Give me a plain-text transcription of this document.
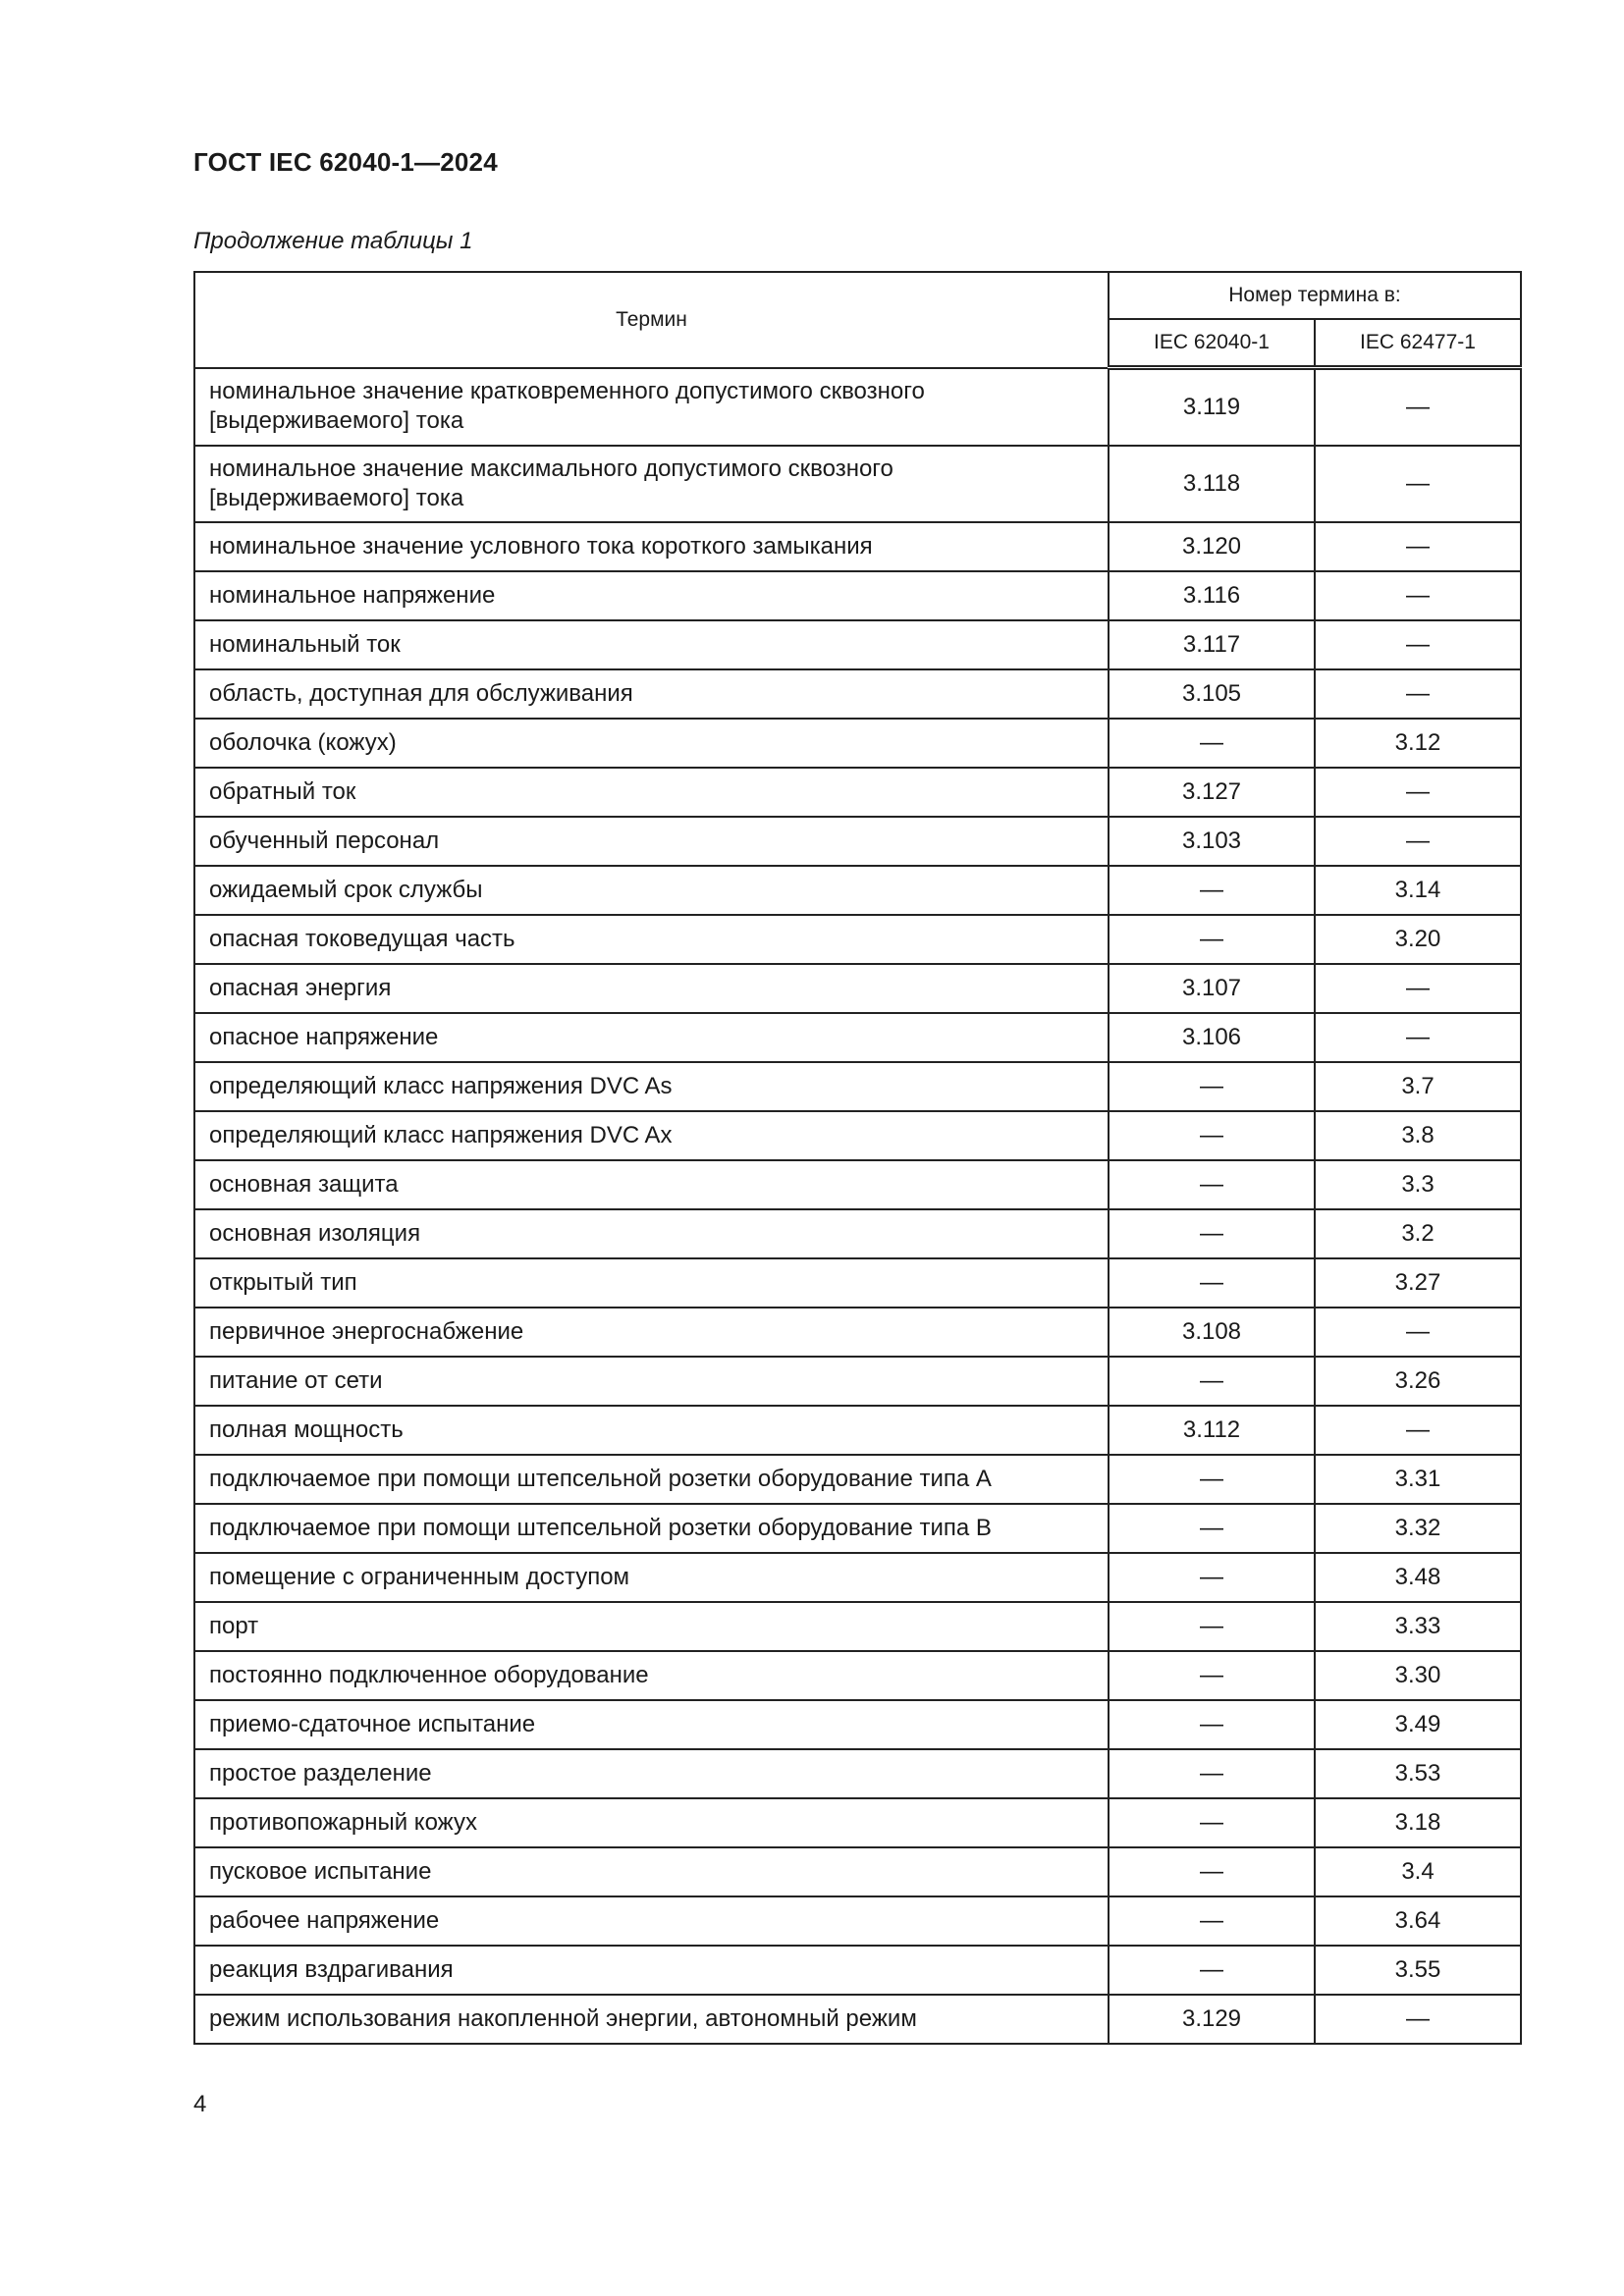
ГОСТ IEC 62040-1—2024
Продолжение таблицы 1
Термин	Номер термина в:	
	IEC 62040-1	IEC 62477-1
номинальное значение кратковременного допустимого сквозного [выдерживаемого] тока	3.119	—
номинальное значение максимального допустимого сквозного [выдерживаемого] тока	3.118	—
номинальное значение условного тока короткого замыкания	3.120	—
номинальное напряжение	3.116	—
номинальный ток	3.117	—
область, доступная для обслуживания	3.105	—
оболочка (кожух)	—	3.12
обратный ток	3.127	—
обученный персонал	3.103	—
ожидаемый срок службы	—	3.14
опасная токоведущая часть	—	3.20
опасная энергия	3.107	—
опасное напряжение	3.106	—
определяющий класс напряжения DVC As	—	3.7
определяющий класс напряжения DVC Ax	—	3.8
основная защита	—	3.3
основная изоляция	—	3.2
открытый тип	—	3.27
первичное энергоснабжение	3.108	—
питание от сети	—	3.26
полная мощность	3.112	—
подключаемое при помощи штепсельной розетки оборудование типа A	—	3.31
подключаемое при помощи штепсельной розетки оборудование типа B	—	3.32
помещение с ограниченным доступом	—	3.48
порт	—	3.33
постоянно подключенное оборудование	—	3.30
приемо-сдаточное испытание	—	3.49
простое разделение	—	3.53
противопожарный кожух	—	3.18
пусковое испытание	—	3.4
рабочее напряжение	—	3.64
реакция вздрагивания	—	3.55
режим использования накопленной энергии, автономный режим	3.129	—
4
